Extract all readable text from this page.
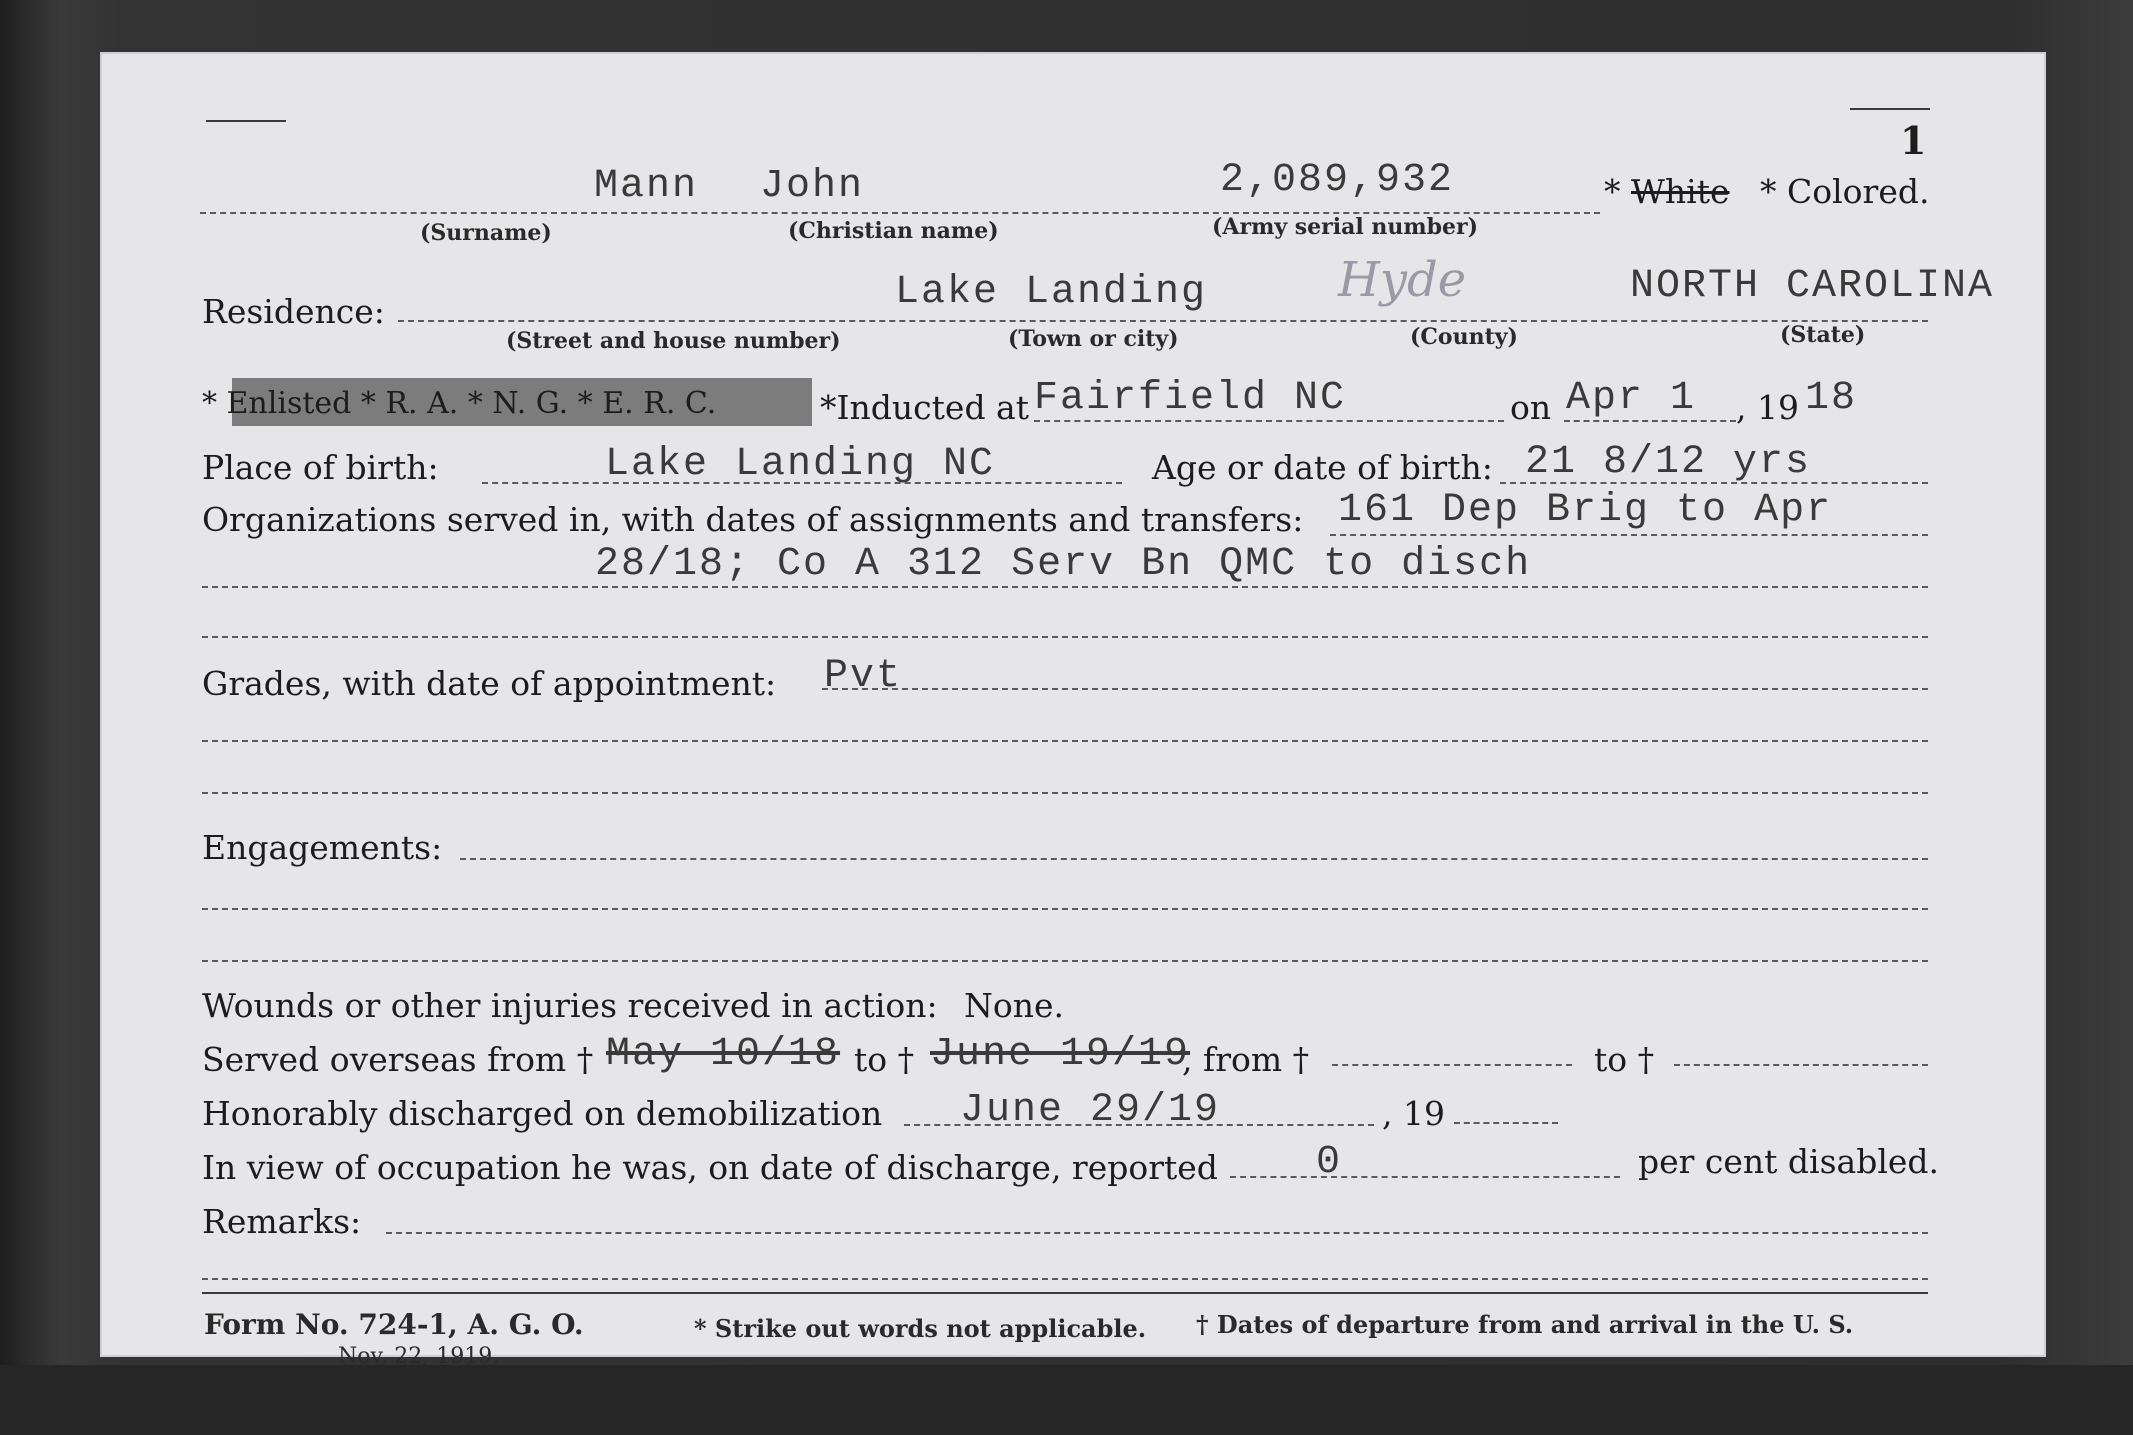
1
Mann John	2,089,932	* White * Colored.
(Surname)	(Christian name)	(Army serial number)
Residence:	Lake Landing	Hyde	NORTH CAROLINA
(Street and house number)	(Town or city)	(County)	(State)
* Enlisted * R. A. * N. G. * E. R. C.	*Inducted at Fairfield NC	on Apr 1 , 19 18
Place of birth:	Lake Landing NC	Age or date of birth: 21 8/12 yrs
Organizations served in, with dates of assignments and transfers: 161 Dep Brig to Apr
28/18; Co A 312 Serv Bn QMC to disch
Grades, with date of appointment: Pvt
Engagements:
Wounds or other injuries received in action: None.
Served overseas from † May 10/18 to † June 19/19
, from †	to †
Honorably discharged on demobilization June 29/19	, 19
In view of occupation he was, on date of discharge, reported 0	per cent disabled.
Remarks:
Form No. 724-1, A. G. O.
Nov. 22, 1919.
* Strike out words not applicable. † Dates of departure from and arrival in the U. S.
